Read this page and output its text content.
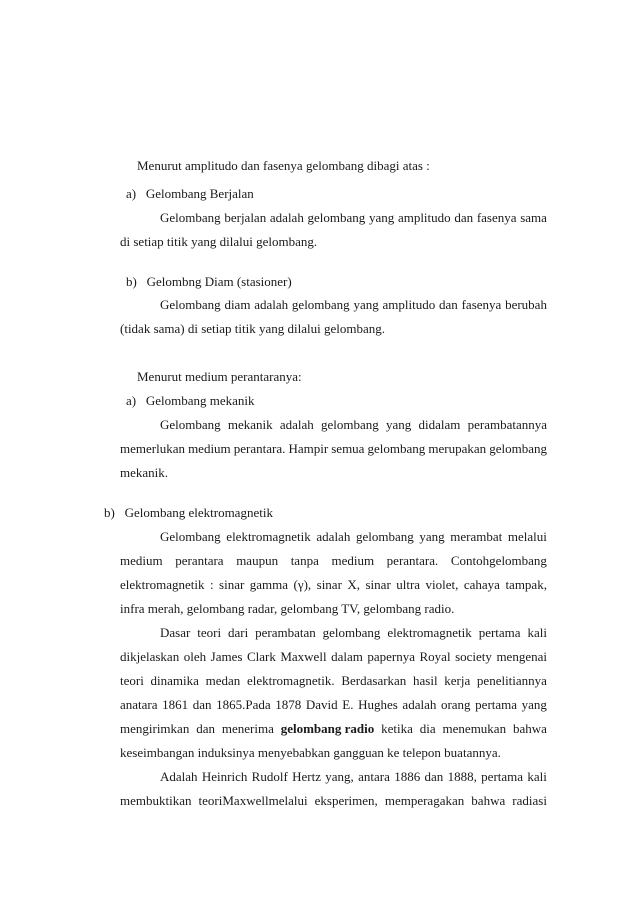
Menurut amplitudo dan fasenya gelombang dibagi atas :
a)   Gelombang Berjalan
Gelombang berjalan adalah gelombang yang amplitudo dan fasenya sama
di setiap titik yang dilalui gelombang.
b)   Gelombng Diam (stasioner)
Gelombang diam adalah gelombang yang amplitudo dan fasenya berubah
(tidak sama) di setiap titik yang dilalui gelombang.
Menurut medium perantaranya:
a)   Gelombang mekanik
Gelombang mekanik adalah gelombang yang didalam perambatannya
memerlukan medium perantara. Hampir semua gelombang merupakan gelombang
mekanik.
b)   Gelombang elektromagnetik
Gelombang elektromagnetik adalah gelombang yang merambat melalui
medium perantara maupun tanpa medium perantara. Contohgelombang
elektromagnetik : sinar gamma (γ), sinar X, sinar ultra violet, cahaya tampak,
infra merah, gelombang radar, gelombang TV, gelombang radio.
Dasar teori dari perambatan gelombang elektromagnetik pertama kali
dikjelaskan oleh James Clark Maxwell dalam papernya Royal society mengenai
teori dinamika medan elektromagnetik. Berdasarkan hasil kerja penelitiannya
anatara 1861 dan 1865.Pada 1878 David E. Hughes adalah orang pertama yang
mengirimkan dan menerima gelombang radio ketika dia menemukan bahwa
keseimbangan induksinya menyebabkan gangguan ke telepon buatannya.
Adalah Heinrich Rudolf Hertz yang, antara 1886 dan 1888, pertama kali
membuktikan teoriMaxwellmelalui eksperimen, memperagakan bahwa radiasi
